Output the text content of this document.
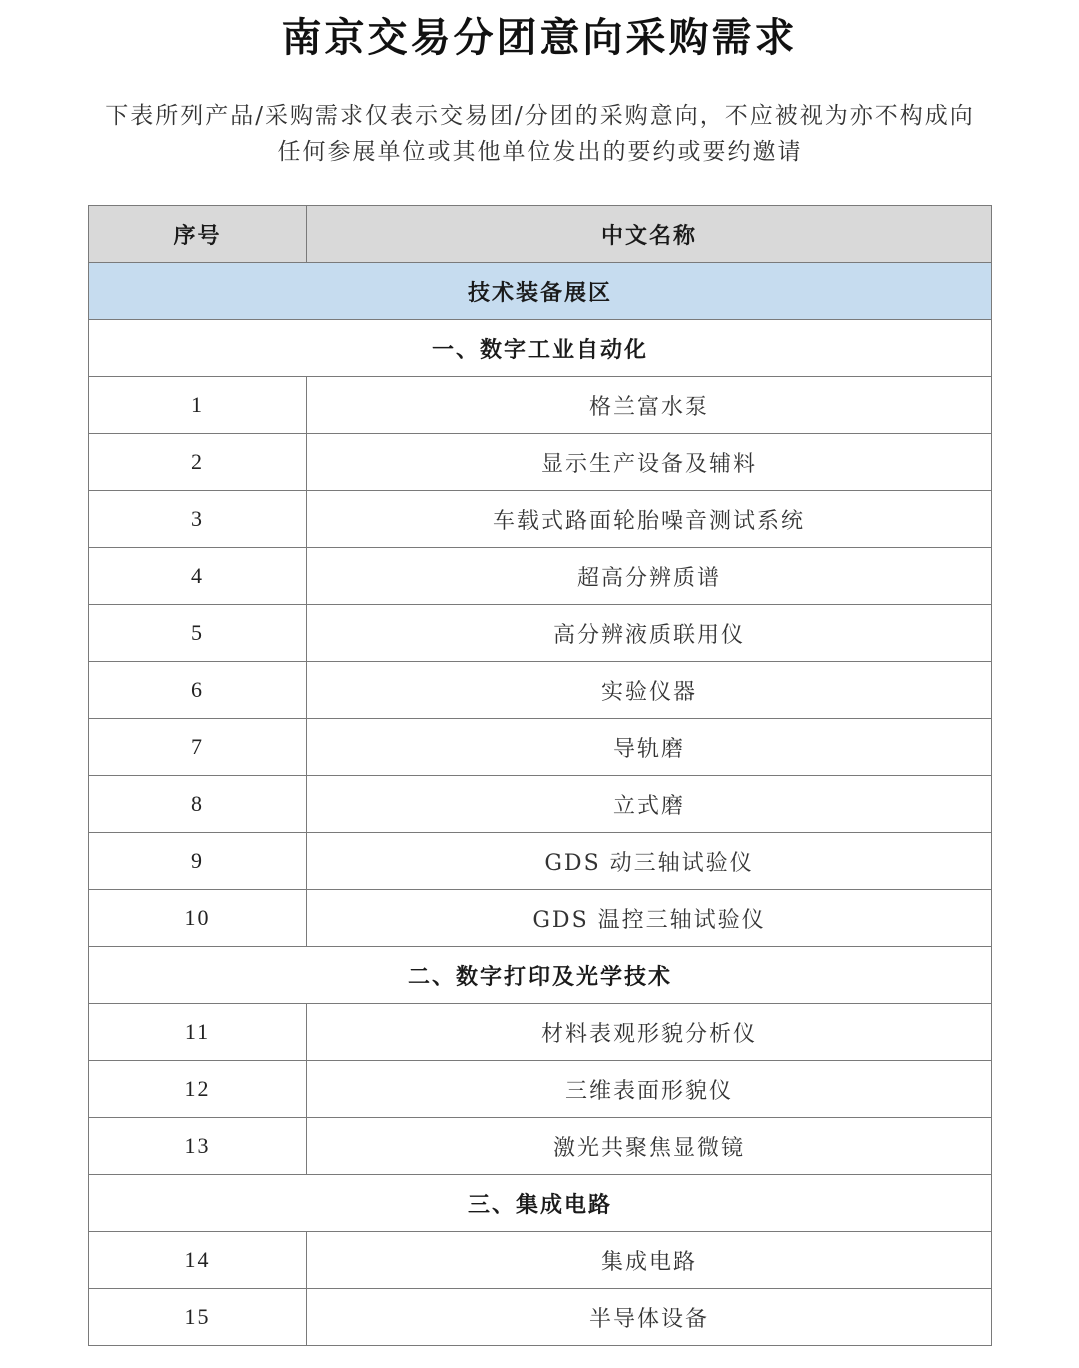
南京交易分团意向采购需求
下表所列产品/采购需求仅表示交易团/分团的采购意向，不应被视为亦不构成向
任何参展单位或其他单位发出的要约或要约邀请
序号	中文名称
技术装备展区	
一、数字工业自动化	
1	格兰富水泵
2	显示生产设备及辅料
3	车载式路面轮胎噪音测试系统
4	超高分辨质谱
5	高分辨液质联用仪
6	实验仪器
7	导轨磨
8	立式磨
9	GDS 动三轴试验仪
10	GDS 温控三轴试验仪
二、数字打印及光学技术	
11	材料表观形貌分析仪
12	三维表面形貌仪
13	激光共聚焦显微镜
三、集成电路	
14	集成电路
15	半导体设备
